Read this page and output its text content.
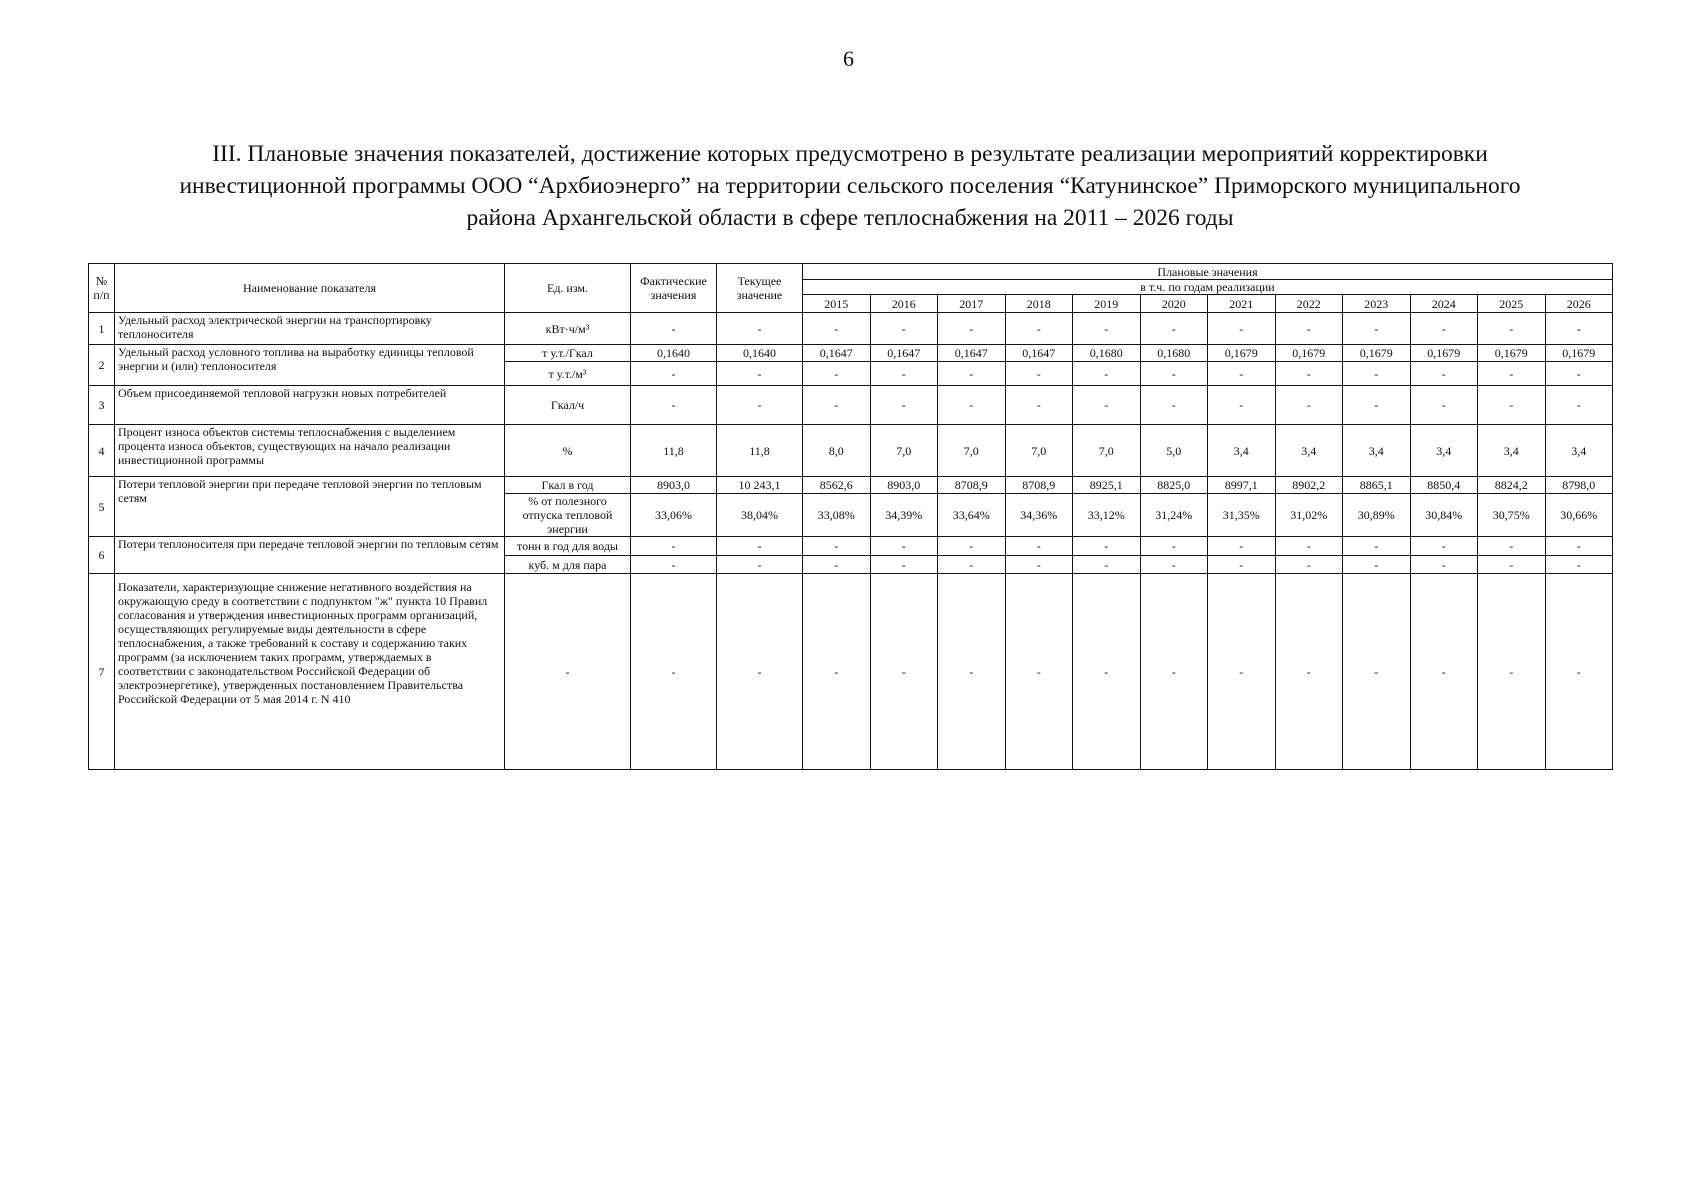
6
III. Плановые значения показателей, достижение которых предусмотрено в результате реализации мероприятий корректировки
инвестиционной программы ООО “Архбиоэнерго” на территории сельского поселения “Катунинское” Приморского муниципального
района Архангельской области в сфере теплоснабжения на 2011 – 2026 годы
№ п/п	Наименование показателя	Ед. изм.	Фактические значения	Текущее значение	Плановые значения											
					в т.ч. по годам реализации											
					2015	2016	2017	2018	2019	2020	2021	2022	2023	2024	2025	2026
1	Удельный расход электрической энергии на транспортировку теплоносителя	кВт·ч/м³	-	-	-	-	-	-	-	-	-	-	-	-	-	-
2	Удельный расход условного топлива на выработку единицы тепловой энергии и (или) теплоносителя	т у.т./Гкал	0,1640	0,1640	0,1647	0,1647	0,1647	0,1647	0,1680	0,1680	0,1679	0,1679	0,1679	0,1679	0,1679	0,1679
		т у.т./м³	-	-	-	-	-	-	-	-	-	-	-	-	-	-
3	Объем присоединяемой тепловой нагрузки новых потребителей	Гкал/ч	-	-	-	-	-	-	-	-	-	-	-	-	-	-
4	Процент износа объектов системы теплоснабжения с выделением процента износа объектов, существующих на начало реализации инвестиционной программы	%	11,8	11,8	8,0	7,0	7,0	7,0	7,0	5,0	3,4	3,4	3,4	3,4	3,4	3,4
5	Потери тепловой энергии при передаче тепловой энергии по тепловым сетям	Гкал в год	8903,0	10 243,1	8562,6	8903,0	8708,9	8708,9	8925,1	8825,0	8997,1	8902,2	8865,1	8850,4	8824,2	8798,0
		% от полезного отпуска тепловой энергии	33,06%	38,04%	33,08%	34,39%	33,64%	34,36%	33,12%	31,24%	31,35%	31,02%	30,89%	30,84%	30,75%	30,66%
6	Потери теплоносителя при передаче тепловой энергии по тепловым сетям	тонн в год для воды	-	-	-	-	-	-	-	-	-	-	-	-	-	-
		куб. м для пара	-	-	-	-	-	-	-	-	-	-	-	-	-	-
7	Показатели, характеризующие снижение негативного воздействия на окружающую среду в соответствии с подпунктом "ж" пункта 10 Правил согласования и утверждения инвестиционных программ организаций, осуществляющих регулируемые виды деятельности в сфере теплоснабжения, а также требований к составу и содержанию таких программ (за исключением таких программ, утверждаемых в соответствии с законодательством Российской Федерации об электроэнергетике), утвержденных постановлением Правительства Российской Федерации от 5 мая 2014 г. N 410	-	-	-	-	-	-	-	-	-	-	-	-	-	-	-
